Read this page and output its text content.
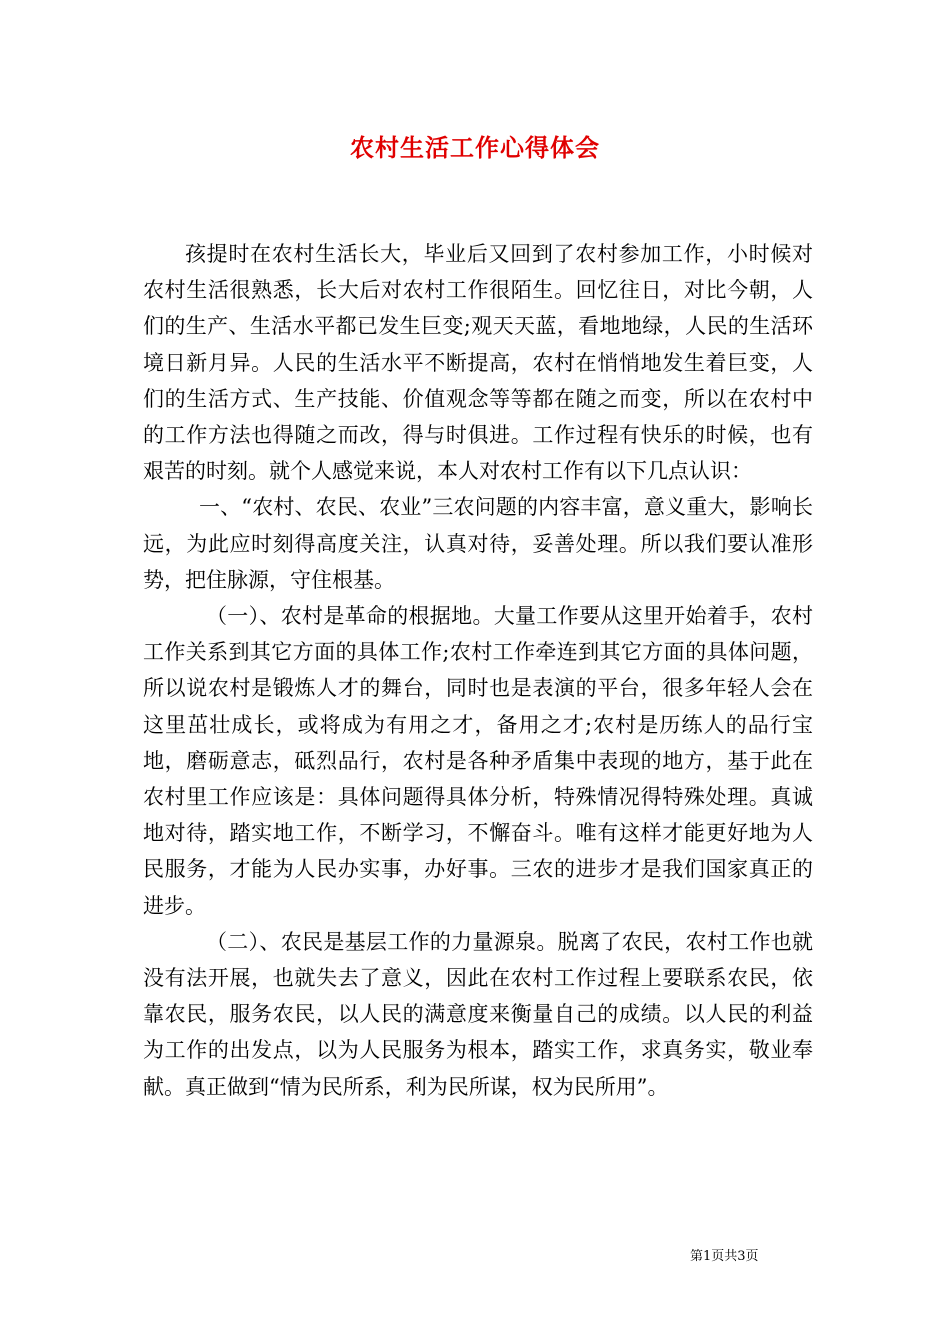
农村生活工作心得体会

孩提时在农村生活长大，毕业后又回到了农村参加工作，小时候对农村生活很熟悉，长大后对农村工作很陌生。回忆往日，对比今朝，人们的生产、生活水平都已发生巨变;观天天蓝，看地地绿，人民的生活环境日新月异。人民的生活水平不断提高，农村在悄悄地发生着巨变，人们的生活方式、生产技能、价值观念等等都在随之而变，所以在农村中的工作方法也得随之而改，得与时俱进。工作过程有快乐的时候，也有艰苦的时刻。就个人感觉来说，本人对农村工作有以下几点认识：

一、“农村、农民、农业”三农问题的内容丰富，意义重大，影响长远，为此应时刻得高度关注，认真对待，妥善处理。所以我们要认准形势，把住脉源，守住根基。

（一）、农村是革命的根据地。大量工作要从这里开始着手，农村工作关系到其它方面的具体工作;农村工作牵连到其它方面的具体问题，所以说农村是锻炼人才的舞台，同时也是表演的平台，很多年轻人会在这里茁壮成长，或将成为有用之才，备用之才;农村是历练人的品行宝地，磨砺意志，砥烈品行，农村是各种矛盾集中表现的地方，基于此在农村里工作应该是：具体问题得具体分析，特殊情况得特殊处理。真诚地对待，踏实地工作，不断学习，不懈奋斗。唯有这样才能更好地为人民服务，才能为人民办实事，办好事。三农的进步才是我们国家真正的进步。

（二）、农民是基层工作的力量源泉。脱离了农民，农村工作也就没有法开展，也就失去了意义，因此在农村工作过程上要联系农民，依靠农民，服务农民，以人民的满意度来衡量自己的成绩。以人民的利益为工作的出发点，以为人民服务为根本，踏实工作，求真务实，敬业奉献。真正做到“情为民所系，利为民所谋，权为民所用”。

第1页共3页
